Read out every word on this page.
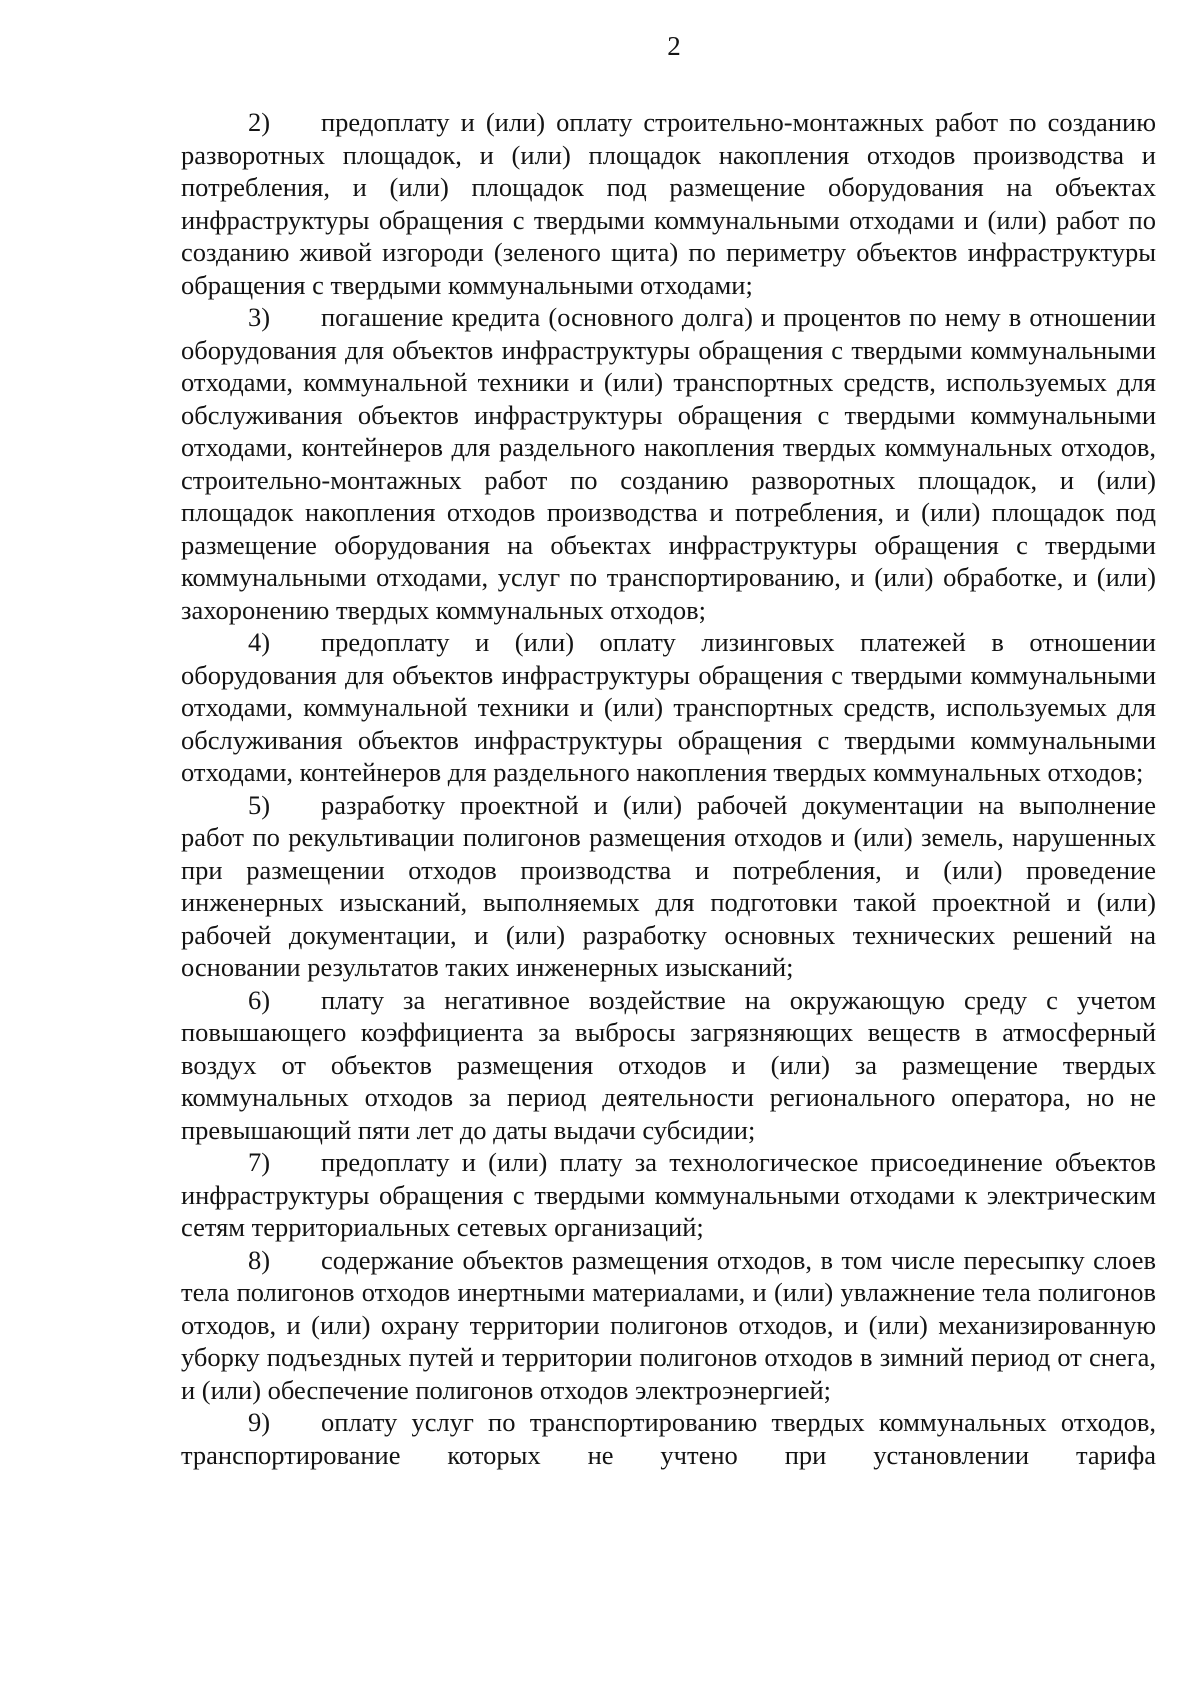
2

2) предоплату и (или) оплату строительно-монтажных работ по созданию разворотных площадок, и (или) площадок накопления отходов производства и потребления, и (или) площадок под размещение оборудования на объектах инфраструктуры обращения с твердыми коммунальными отходами и (или) работ по созданию живой изгороди (зеленого щита) по периметру объектов инфраструктуры обращения с твердыми коммунальными отходами;

3) погашение кредита (основного долга) и процентов по нему в отношении оборудования для объектов инфраструктуры обращения с твердыми коммунальными отходами, коммунальной техники и (или) транспортных средств, используемых для обслуживания объектов инфраструктуры обращения с твердыми коммунальными отходами, контейнеров для раздельного накопления твердых коммунальных отходов, строительно-монтажных работ по созданию разворотных площадок, и (или) площадок накопления отходов производства и потребления, и (или) площадок под размещение оборудования на объектах инфраструктуры обращения с твердыми коммунальными отходами, услуг по транспортированию, и (или) обработке, и (или) захоронению твердых коммунальных отходов;

4) предоплату и (или) оплату лизинговых платежей в отношении оборудования для объектов инфраструктуры обращения с твердыми коммунальными отходами, коммунальной техники и (или) транспортных средств, используемых для обслуживания объектов инфраструктуры обращения с твердыми коммунальными отходами, контейнеров для раздельного накопления твердых коммунальных отходов;

5) разработку проектной и (или) рабочей документации на выполнение работ по рекультивации полигонов размещения отходов и (или) земель, нарушенных при размещении отходов производства и потребления, и (или) проведение инженерных изысканий, выполняемых для подготовки такой проектной и (или) рабочей документации, и (или) разработку основных технических решений на основании результатов таких инженерных изысканий;

6) плату за негативное воздействие на окружающую среду с учетом повышающего коэффициента за выбросы загрязняющих веществ в атмосферный воздух от объектов размещения отходов и (или) за размещение твердых коммунальных отходов за период деятельности регионального оператора, но не превышающий пяти лет до даты выдачи субсидии;

7) предоплату и (или) плату за технологическое присоединение объектов инфраструктуры обращения с твердыми коммунальными отходами к электрическим сетям территориальных сетевых организаций;

8) содержание объектов размещения отходов, в том числе пересыпку слоев тела полигонов отходов инертными материалами, и (или) увлажнение тела полигонов отходов, и (или) охрану территории полигонов отходов, и (или) механизированную уборку подъездных путей и территории полигонов отходов в зимний период от снега, и (или) обеспечение полигонов отходов электроэнергией;

9) оплату услуг по транспортированию твердых коммунальных отходов, транспортирование которых не учтено при установлении тарифа
